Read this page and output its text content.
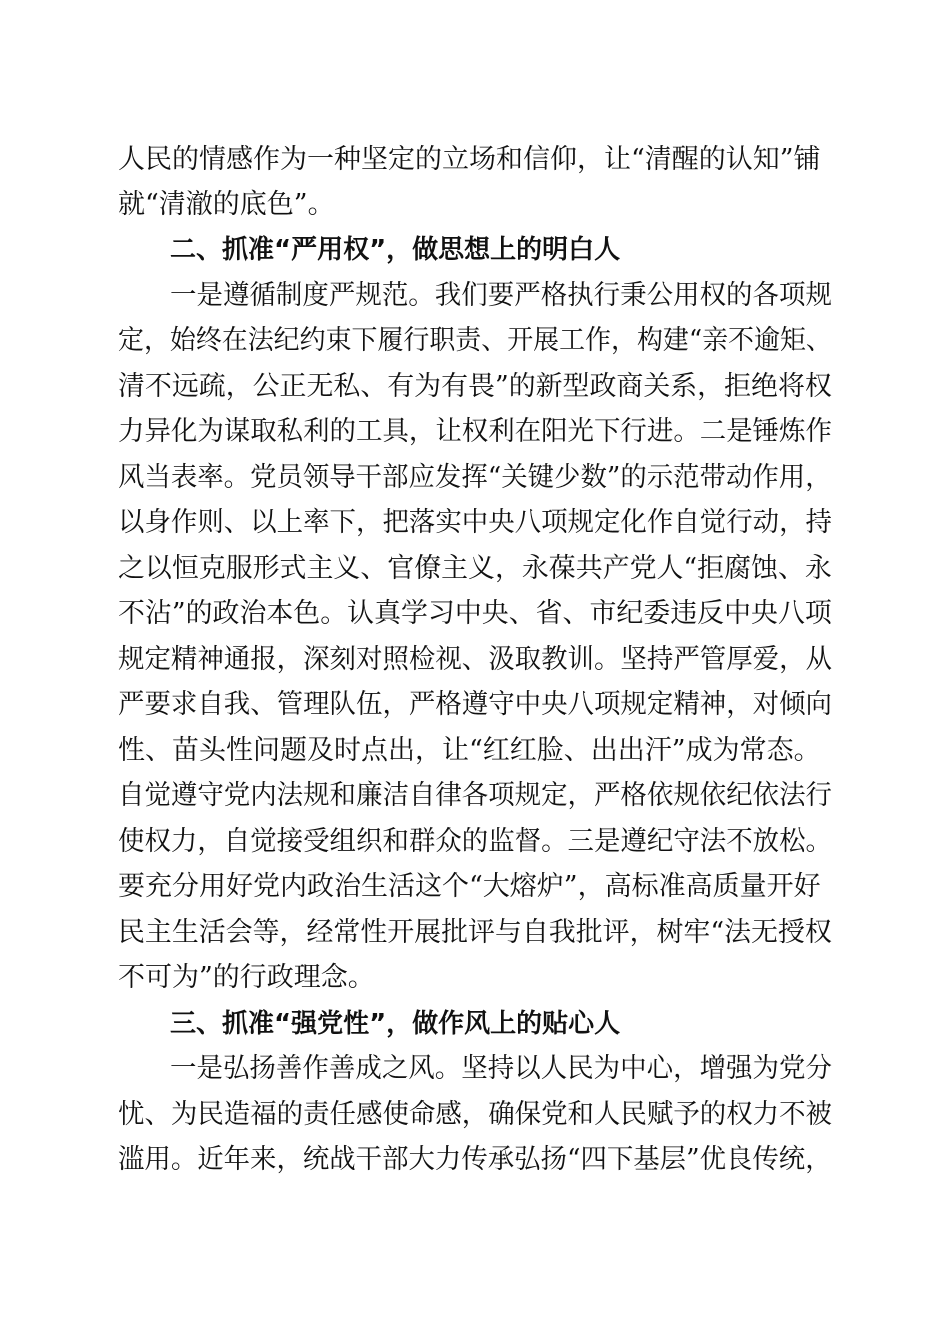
人民的情感作为一种坚定的立场和信仰，让“清醒的认知”铺
就“清澈的底色”。
二、抓准“严用权”，做思想上的明白人
一是遵循制度严规范。我们要严格执行秉公用权的各项规
定，始终在法纪约束下履行职责、开展工作，构建“亲不逾矩、
清不远疏，公正无私、有为有畏”的新型政商关系，拒绝将权
力异化为谋取私利的工具，让权利在阳光下行进。二是锤炼作
风当表率。党员领导干部应发挥“关键少数”的示范带动作用，
以身作则、以上率下，把落实中央八项规定化作自觉行动，持
之以恒克服形式主义、官僚主义，永葆共产党人“拒腐蚀、永
不沾”的政治本色。认真学习中央、省、市纪委违反中央八项
规定精神通报，深刻对照检视、汲取教训。坚持严管厚爱，从
严要求自我、管理队伍，严格遵守中央八项规定精神，对倾向
性、苗头性问题及时点出，让“红红脸、出出汗”成为常态。
自觉遵守党内法规和廉洁自律各项规定，严格依规依纪依法行
使权力，自觉接受组织和群众的监督。三是遵纪守法不放松。
要充分用好党内政治生活这个“大熔炉”，高标准高质量开好
民主生活会等，经常性开展批评与自我批评，树牢“法无授权
不可为”的行政理念。
三、抓准“强党性”，做作风上的贴心人
一是弘扬善作善成之风。坚持以人民为中心，增强为党分
忧、为民造福的责任感使命感，确保党和人民赋予的权力不被
滥用。近年来，统战干部大力传承弘扬“四下基层”优良传统，
